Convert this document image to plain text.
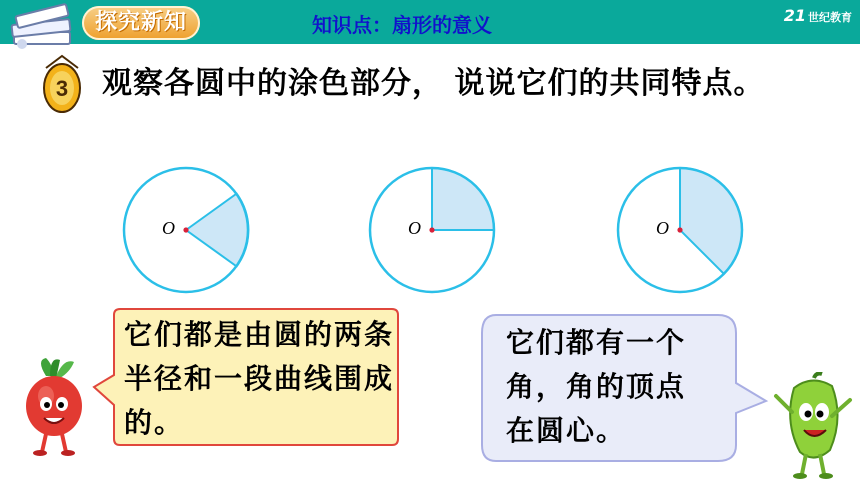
探究新知	知识点：扇形的意义	21 世纪教育
3 观察各圆中的涂色部分， 说说它们的共同特点。
O	O	O
它们都是由圆的两条半径和一段曲线围成的。
它们都有一个角，角的顶点在圆心。
